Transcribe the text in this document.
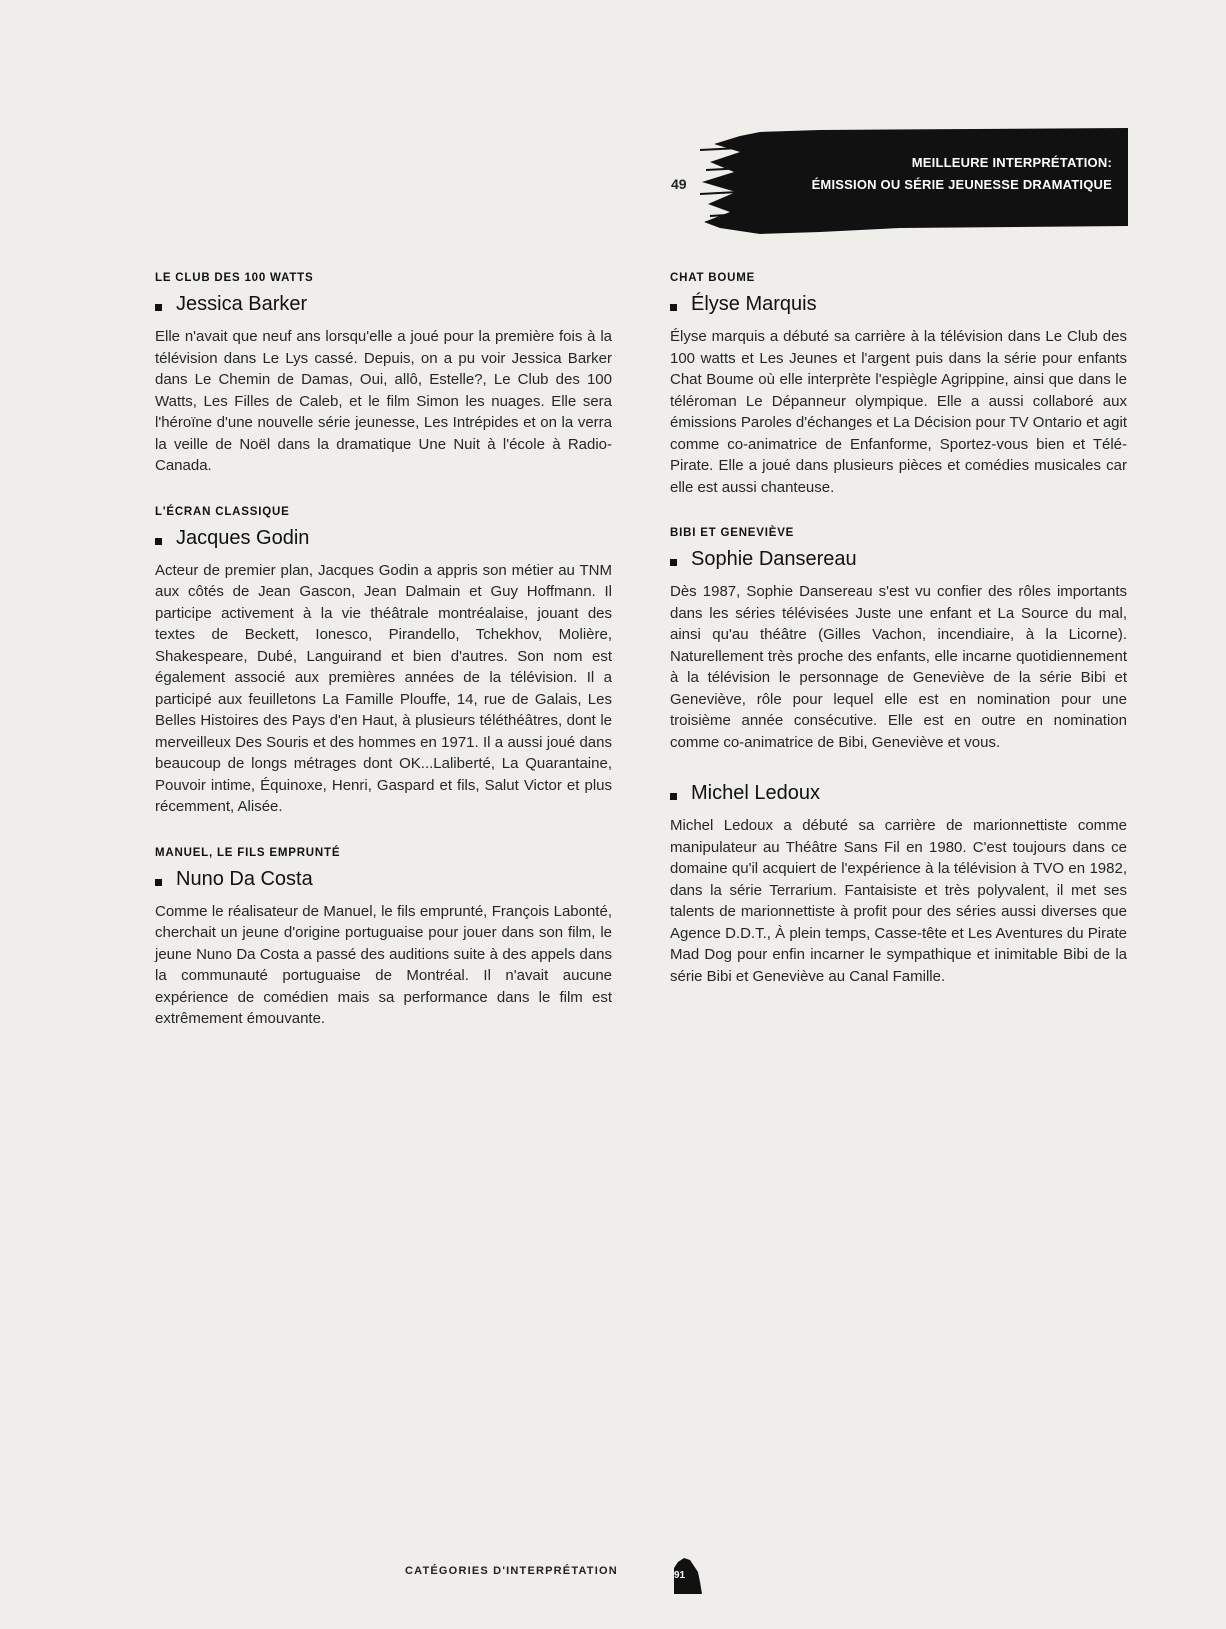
49
MEILLEURE INTERPRÉTATION:
ÉMISSION OU SÉRIE JEUNESSE DRAMATIQUE
LE CLUB DES 100 WATTS
Jessica Barker

Elle n'avait que neuf ans lorsqu'elle a joué pour la première fois à la télévision dans Le Lys cassé. Depuis, on a pu voir Jessica Barker dans Le Chemin de Damas, Oui, allô, Estelle?, Le Club des 100 Watts, Les Filles de Caleb, et le film Simon les nuages. Elle sera l'héroïne d'une nouvelle série jeunesse, Les Intrépides et on la verra la veille de Noël dans la dramatique Une Nuit à l'école à Radio-Canada.

L'ÉCRAN CLASSIQUE
Jacques Godin

Acteur de premier plan, Jacques Godin a appris son métier au TNM aux côtés de Jean Gascon, Jean Dalmain et Guy Hoffmann. Il participe activement à la vie théâtrale montréalaise, jouant des textes de Beckett, Ionesco, Pirandello, Tchekhov, Molière, Shakespeare, Dubé, Languirand et bien d'autres. Son nom est également associé aux premières années de la télévision. Il a participé aux feuilletons La Famille Plouffe, 14, rue de Galais, Les Belles Histoires des Pays d'en Haut, à plusieurs téléthéâtres, dont le merveilleux Des Souris et des hommes en 1971. Il a aussi joué dans beaucoup de longs métrages dont OK...Laliberté, La Quarantaine, Pouvoir intime, Équinoxe, Henri, Gaspard et fils, Salut Victor et plus récemment, Alisée.

MANUEL, LE FILS EMPRUNTÉ
Nuno Da Costa

Comme le réalisateur de Manuel, le fils emprunté, François Labonté, cherchait un jeune d'origine portuguaise pour jouer dans son film, le jeune Nuno Da Costa a passé des auditions suite à des appels dans la communauté portuguaise de Montréal. Il n'avait aucune expérience de comédien mais sa performance dans le film est extrêmement émouvante.

CHAT BOUME
Élyse Marquis

Élyse marquis a débuté sa carrière à la télévision dans Le Club des 100 watts et Les Jeunes et l'argent puis dans la série pour enfants Chat Boume où elle interprète l'espiègle Agrippine, ainsi que dans le téléroman Le Dépanneur olympique. Elle a aussi collaboré aux émissions Paroles d'échanges et La Décision pour TV Ontario et agit comme co-animatrice de Enfanforme, Sportez-vous bien et Télé-Pirate. Elle a joué dans plusieurs pièces et comédies musicales car elle est aussi chanteuse.

BIBI ET GENEVIÈVE
Sophie Dansereau

Dès 1987, Sophie Dansereau s'est vu confier des rôles importants dans les séries télévisées Juste une enfant et La Source du mal, ainsi qu'au théâtre (Gilles Vachon, incendiaire, à la Licorne). Naturellement très proche des enfants, elle incarne quotidiennement à la télévision le personnage de Geneviève de la série Bibi et Geneviève, rôle pour lequel elle est en nomination pour une troisième année consécutive. Elle est en outre en nomination comme co-animatrice de Bibi, Geneviève et vous.

Michel Ledoux

Michel Ledoux a débuté sa carrière de marionnettiste comme manipulateur au Théâtre Sans Fil en 1980. C'est toujours dans ce domaine qu'il acquiert de l'expérience à la télévision à TVO en 1982, dans la série Terrarium. Fantaisiste et très polyvalent, il met ses talents de marionnettiste à profit pour des séries aussi diverses que Agence D.D.T., À plein temps, Casse-tête et Les Aventures du Pirate Mad Dog pour enfin incarner le sympathique et inimitable Bibi de la série Bibi et Geneviève au Canal Famille.

CATÉGORIES D'INTERPRÉTATION	91
